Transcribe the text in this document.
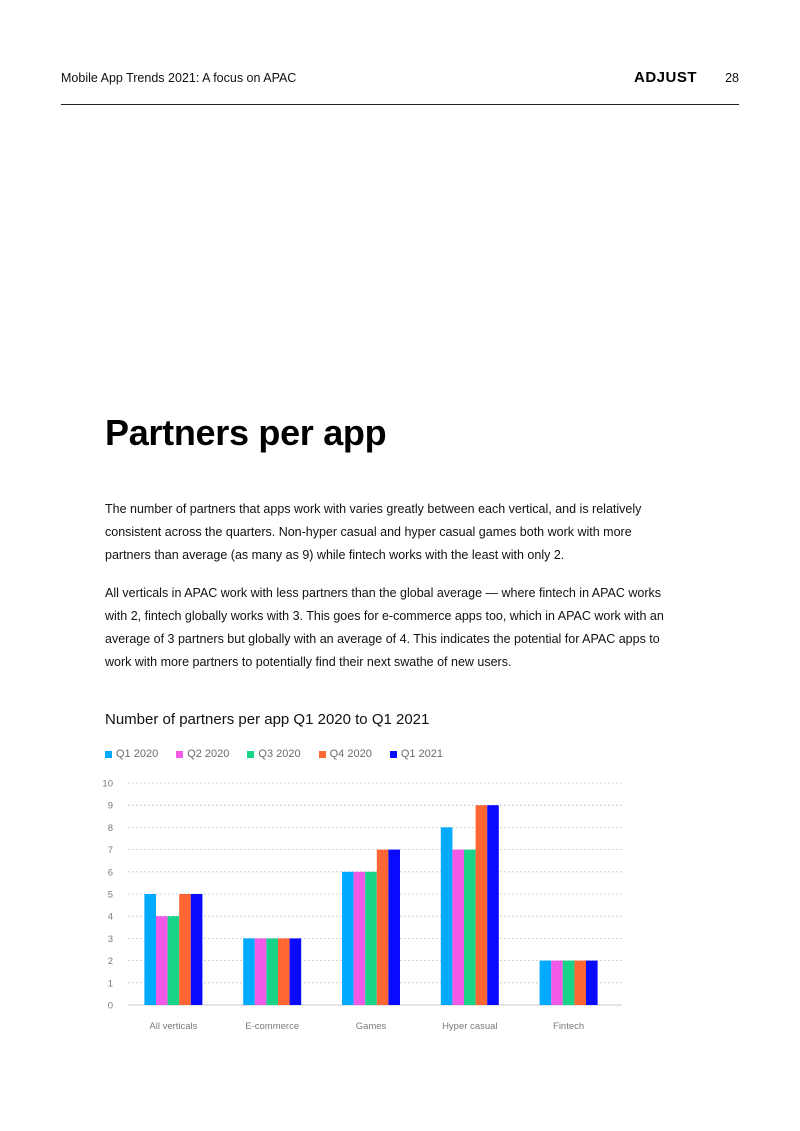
Mobile App Trends 2021: A focus on APAC	ADJUST 28
Partners per app

The number of partners that apps work with varies greatly between each vertical, and is relatively consistent across the quarters. Non-hyper casual and hyper casual games both work with more partners than average (as many as 9) while fintech works with the least with only 2.

All verticals in APAC work with less partners than the global average — where fintech in APAC works with 2, fintech globally works with 3. This goes for e-commerce apps too, which in APAC work with an average of 3 partners but globally with an average of 4. This indicates the potential for APAC apps to work with more partners to potentially find their next swathe of new users.

Number of partners per app Q1 2020 to Q1 2021
Q1 2020	Q2 2020	Q3 2020	Q4 2020	Q1 2021
0
1
2
3
4
5
6
7
8
9
10
All verticals	E-commerce	Games	Hyper casual	Fintech
